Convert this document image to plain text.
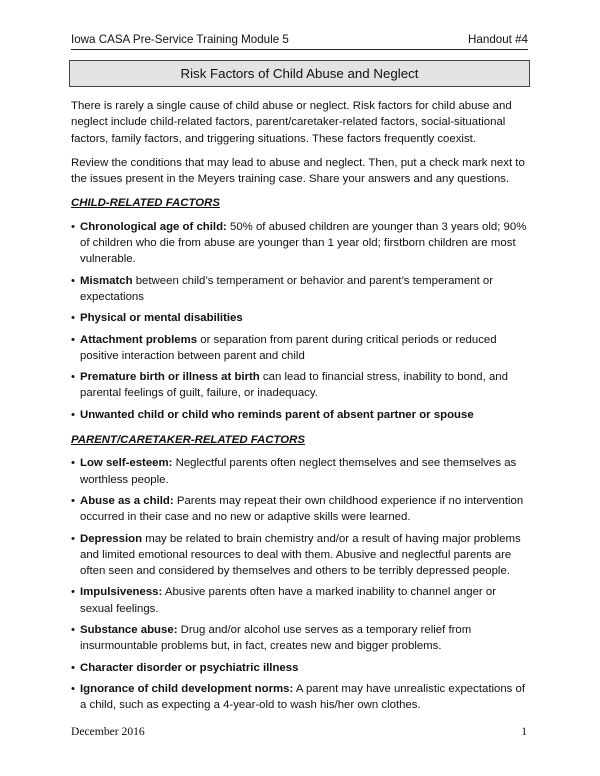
Iowa CASA Pre-Service Training Module 5	Handout #4
Risk Factors of Child Abuse and Neglect

There is rarely a single cause of child abuse or neglect. Risk factors for child abuse and neglect include child-related factors, parent/caretaker-related factors, social-situational factors, family factors, and triggering situations. These factors frequently coexist.

Review the conditions that may lead to abuse and neglect. Then, put a check mark next to the issues present in the Meyers training case. Share your answers and any questions.

CHILD-RELATED FACTORS
• Chronological age of child: 50% of abused children are younger than 3 years old; 90% of children who die from abuse are younger than 1 year old; firstborn children are most vulnerable.
• Mismatch between child’s temperament or behavior and parent’s temperament or expectations
• Physical or mental disabilities
• Attachment problems or separation from parent during critical periods or reduced positive interaction between parent and child
• Premature birth or illness at birth can lead to financial stress, inability to bond, and parental feelings of guilt, failure, or inadequacy.
• Unwanted child or child who reminds parent of absent partner or spouse
PARENT/CARETAKER-RELATED FACTORS
• Low self-esteem: Neglectful parents often neglect themselves and see themselves as worthless people.
• Abuse as a child: Parents may repeat their own childhood experience if no intervention occurred in their case and no new or adaptive skills were learned.
• Depression may be related to brain chemistry and/or a result of having major problems and limited emotional resources to deal with them. Abusive and neglectful parents are often seen and considered by themselves and others to be terribly depressed people.
• Impulsiveness: Abusive parents often have a marked inability to channel anger or sexual feelings.
• Substance abuse: Drug and/or alcohol use serves as a temporary relief from insurmountable problems but, in fact, creates new and bigger problems.
• Character disorder or psychiatric illness
• Ignorance of child development norms: A parent may have unrealistic expectations of a child, such as expecting a 4-year-old to wash his/her own clothes.
December 2016	1
